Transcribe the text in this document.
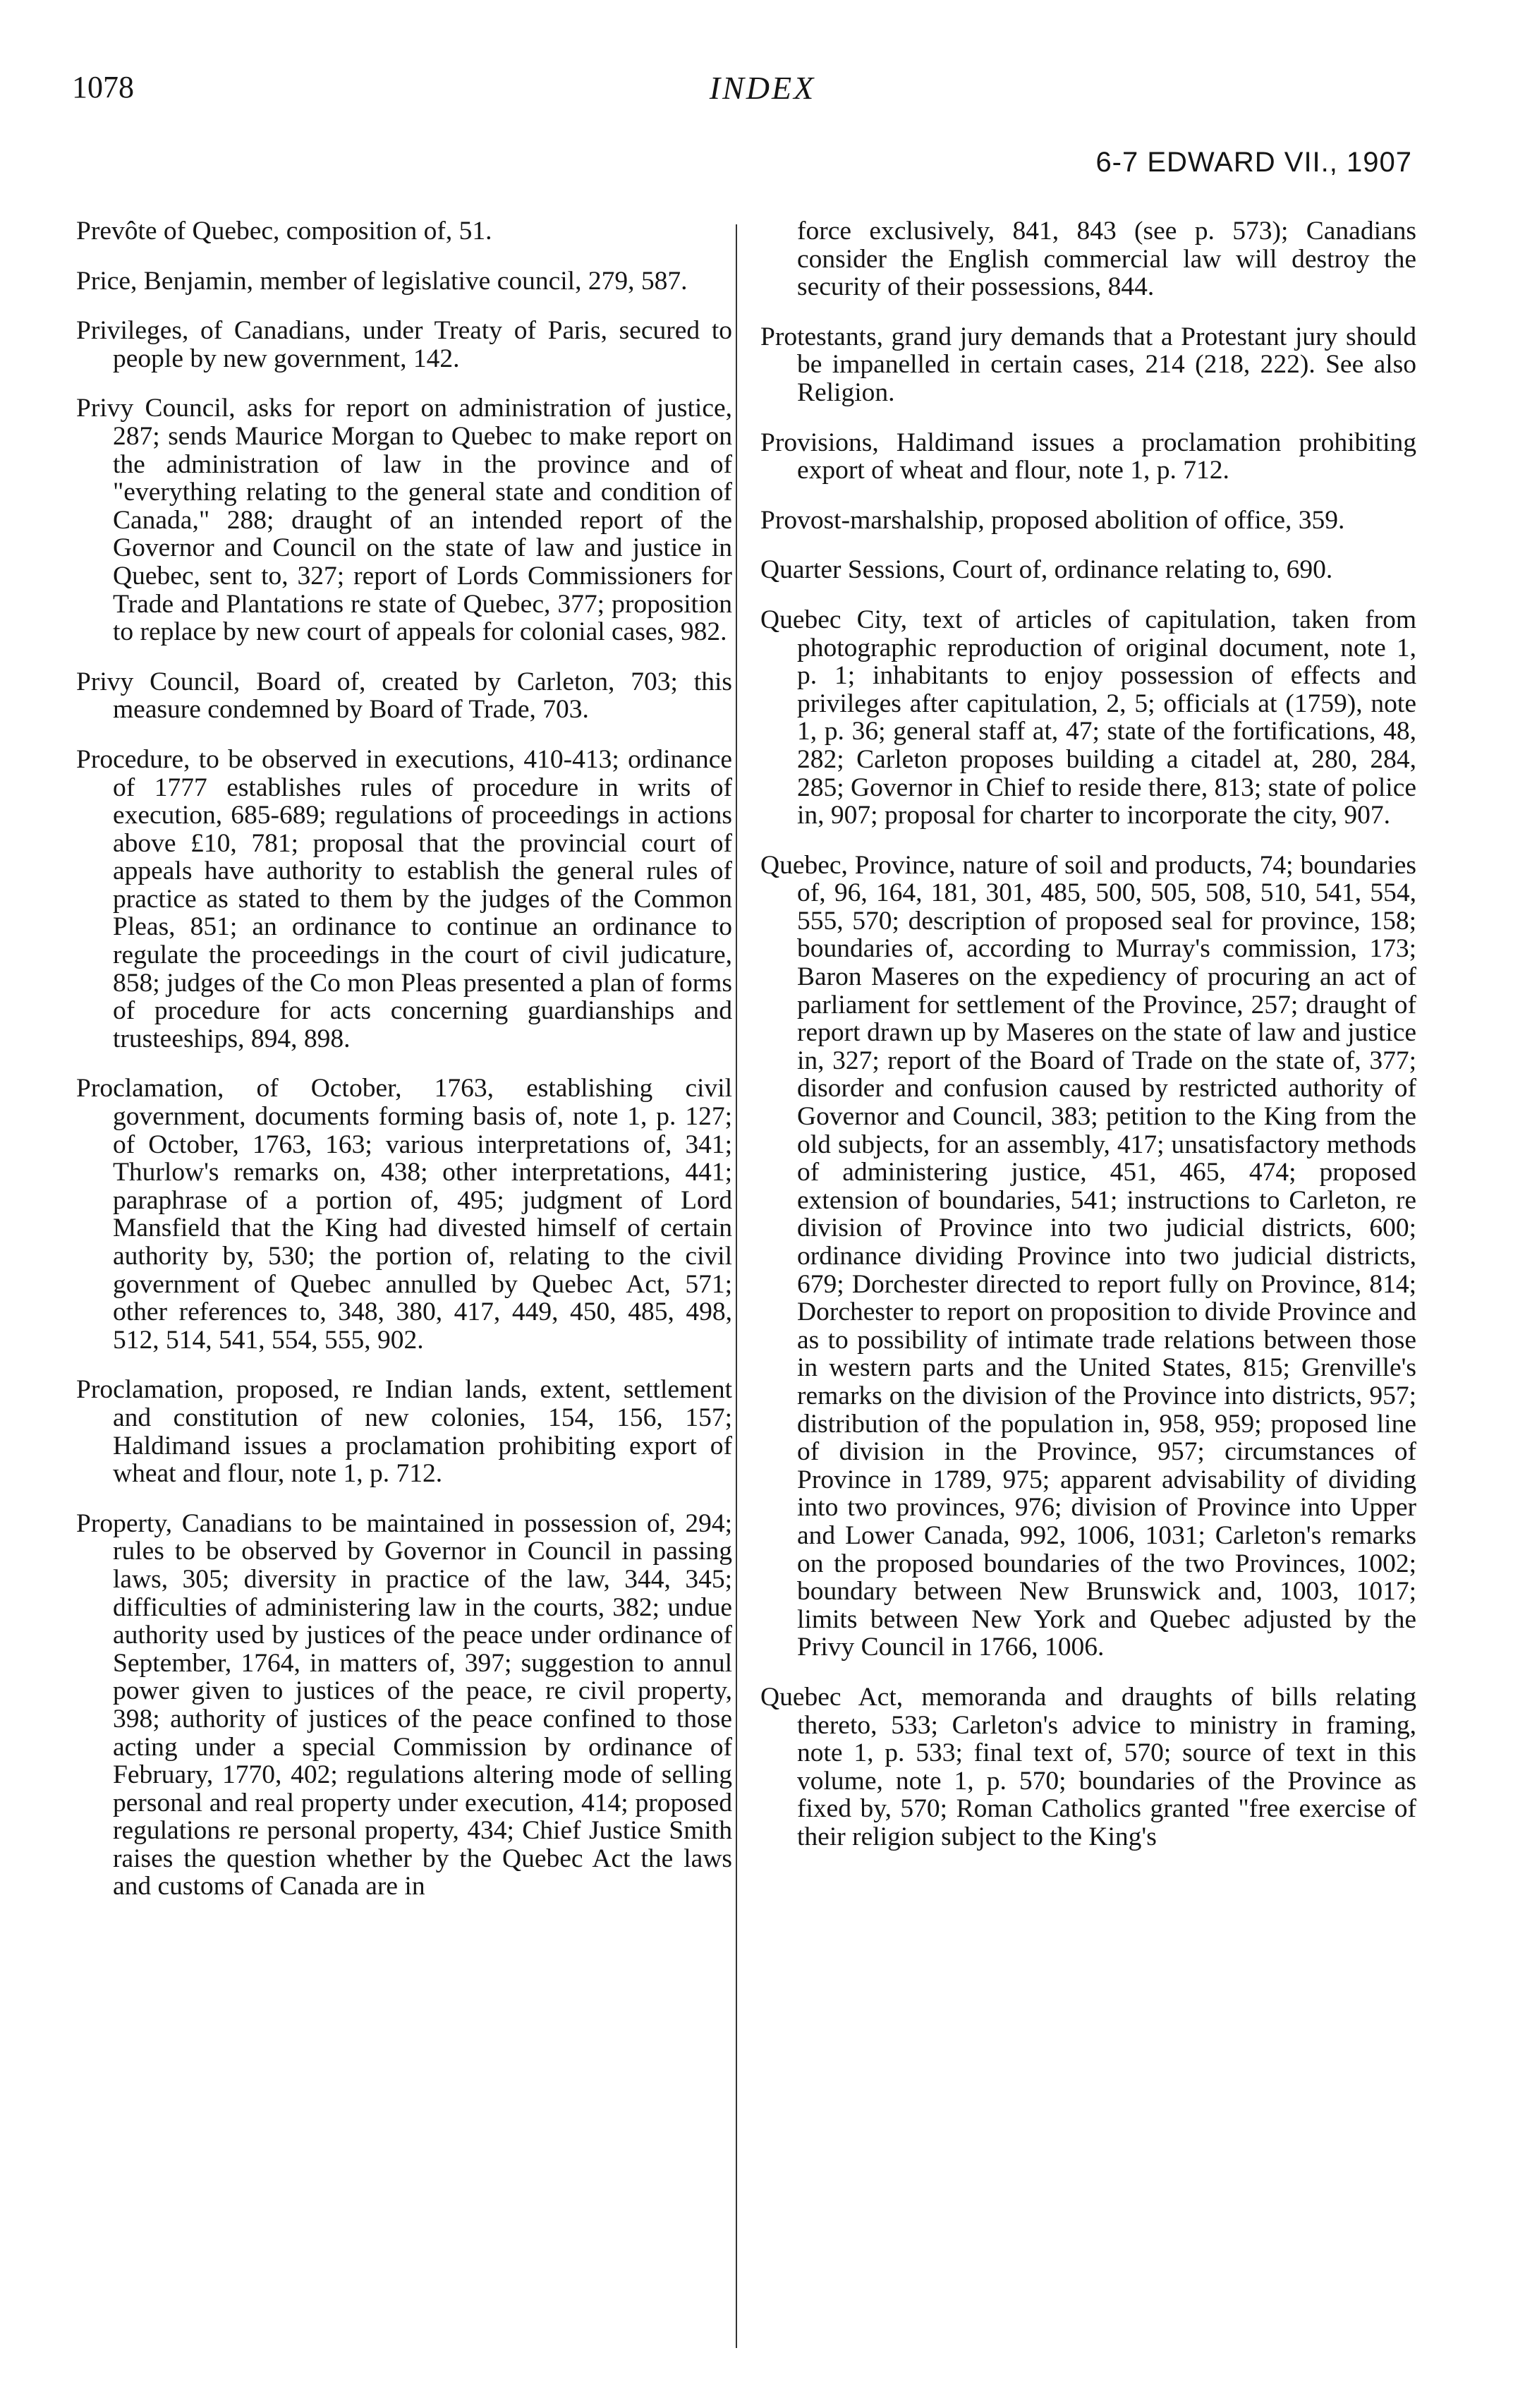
1078	INDEX
6-7 EDWARD VII., 1907

Prevôte of Quebec, composition of, 51.

Price, Benjamin, member of legislative council, 279, 587.

Privileges, of Canadians, under Treaty of Paris, secured to people by new government, 142.

Privy Council, asks for report on administration of justice, 287; sends Maurice Morgan to Quebec to make report on the administration of law in the province and of "everything relating to the general state and condition of Canada," 288; draught of an intended report of the Governor and Council on the state of law and justice in Quebec, sent to, 327; report of Lords Commissioners for Trade and Plantations re state of Quebec, 377; proposition to replace by new court of appeals for colonial cases, 982.

Privy Council, Board of, created by Carleton, 703; this measure condemned by Board of Trade, 703.

Procedure, to be observed in executions, 410-413; ordinance of 1777 establishes rules of procedure in writs of execution, 685-689; regulations of proceedings in actions above £10, 781; proposal that the provincial court of appeals have authority to establish the general rules of practice as stated to them by the judges of the Common Pleas, 851; an ordinance to continue an ordinance to regulate the proceedings in the court of civil judicature, 858; judges of the Co mon Pleas presented a plan of forms of procedure for acts concerning guardianships and trusteeships, 894, 898.

Proclamation, of October, 1763, establishing civil government, documents forming basis of, note 1, p. 127; of October, 1763, 163; various interpretations of, 341; Thurlow's remarks on, 438; other interpretations, 441; paraphrase of a portion of, 495; judgment of Lord Mansfield that the King had divested himself of certain authority by, 530; the portion of, relating to the civil government of Quebec annulled by Quebec Act, 571; other references to, 348, 380, 417, 449, 450, 485, 498, 512, 514, 541, 554, 555, 902.

Proclamation, proposed, re Indian lands, extent, settlement and constitution of new colonies, 154, 156, 157; Haldimand issues a proclamation prohibiting export of wheat and flour, note 1, p. 712.

Property, Canadians to be maintained in possession of, 294; rules to be observed by Governor in Council in passing laws, 305; diversity in practice of the law, 344, 345; difficulties of administering law in the courts, 382; undue authority used by justices of the peace under ordinance of September, 1764, in matters of, 397; suggestion to annul power given to justices of the peace, re civil property, 398; authority of justices of the peace confined to those acting under a special Commission by ordinance of February, 1770, 402; regulations altering mode of selling personal and real property under execution, 414; proposed regulations re personal property, 434; Chief Justice Smith raises the question whether by the Quebec Act the laws and customs of Canada are in

force exclusively, 841, 843 (see p. 573); Canadians consider the English commercial law will destroy the security of their possessions, 844.

Protestants, grand jury demands that a Protestant jury should be impanelled in certain cases, 214 (218, 222). See also Religion.

Provisions, Haldimand issues a proclamation prohibiting export of wheat and flour, note 1, p. 712.

Provost-marshalship, proposed abolition of office, 359.

Quarter Sessions, Court of, ordinance relating to, 690.

Quebec City, text of articles of capitulation, taken from photographic reproduction of original document, note 1, p. 1; inhabitants to enjoy possession of effects and privileges after capitulation, 2, 5; officials at (1759), note 1, p. 36; general staff at, 47; state of the fortifications, 48, 282; Carleton proposes building a citadel at, 280, 284, 285; Governor in Chief to reside there, 813; state of police in, 907; proposal for charter to incorporate the city, 907.

Quebec, Province, nature of soil and products, 74; boundaries of, 96, 164, 181, 301, 485, 500, 505, 508, 510, 541, 554, 555, 570; description of proposed seal for province, 158; boundaries of, according to Murray's commission, 173; Baron Maseres on the expediency of procuring an act of parliament for settlement of the Province, 257; draught of report drawn up by Maseres on the state of law and justice in, 327; report of the Board of Trade on the state of, 377; disorder and confusion caused by restricted authority of Governor and Council, 383; petition to the King from the old subjects, for an assembly, 417; unsatisfactory methods of administering justice, 451, 465, 474; proposed extension of boundaries, 541; instructions to Carleton, re division of Province into two judicial districts, 600; ordinance dividing Province into two judicial districts, 679; Dorchester directed to report fully on Province, 814; Dorchester to report on proposition to divide Province and as to possibility of intimate trade relations between those in western parts and the United States, 815; Grenville's remarks on the division of the Province into districts, 957; distribution of the population in, 958, 959; proposed line of division in the Province, 957; circumstances of Province in 1789, 975; apparent advisability of dividing into two provinces, 976; division of Province into Upper and Lower Canada, 992, 1006, 1031; Carleton's remarks on the proposed boundaries of the two Provinces, 1002; boundary between New Brunswick and, 1003, 1017; limits between New York and Quebec adjusted by the Privy Council in 1766, 1006.

Quebec Act, memoranda and draughts of bills relating thereto, 533; Carleton's advice to ministry in framing, note 1, p. 533; final text of, 570; source of text in this volume, note 1, p. 570; boundaries of the Province as fixed by, 570; Roman Catholics granted "free exercise of their religion subject to the King's
